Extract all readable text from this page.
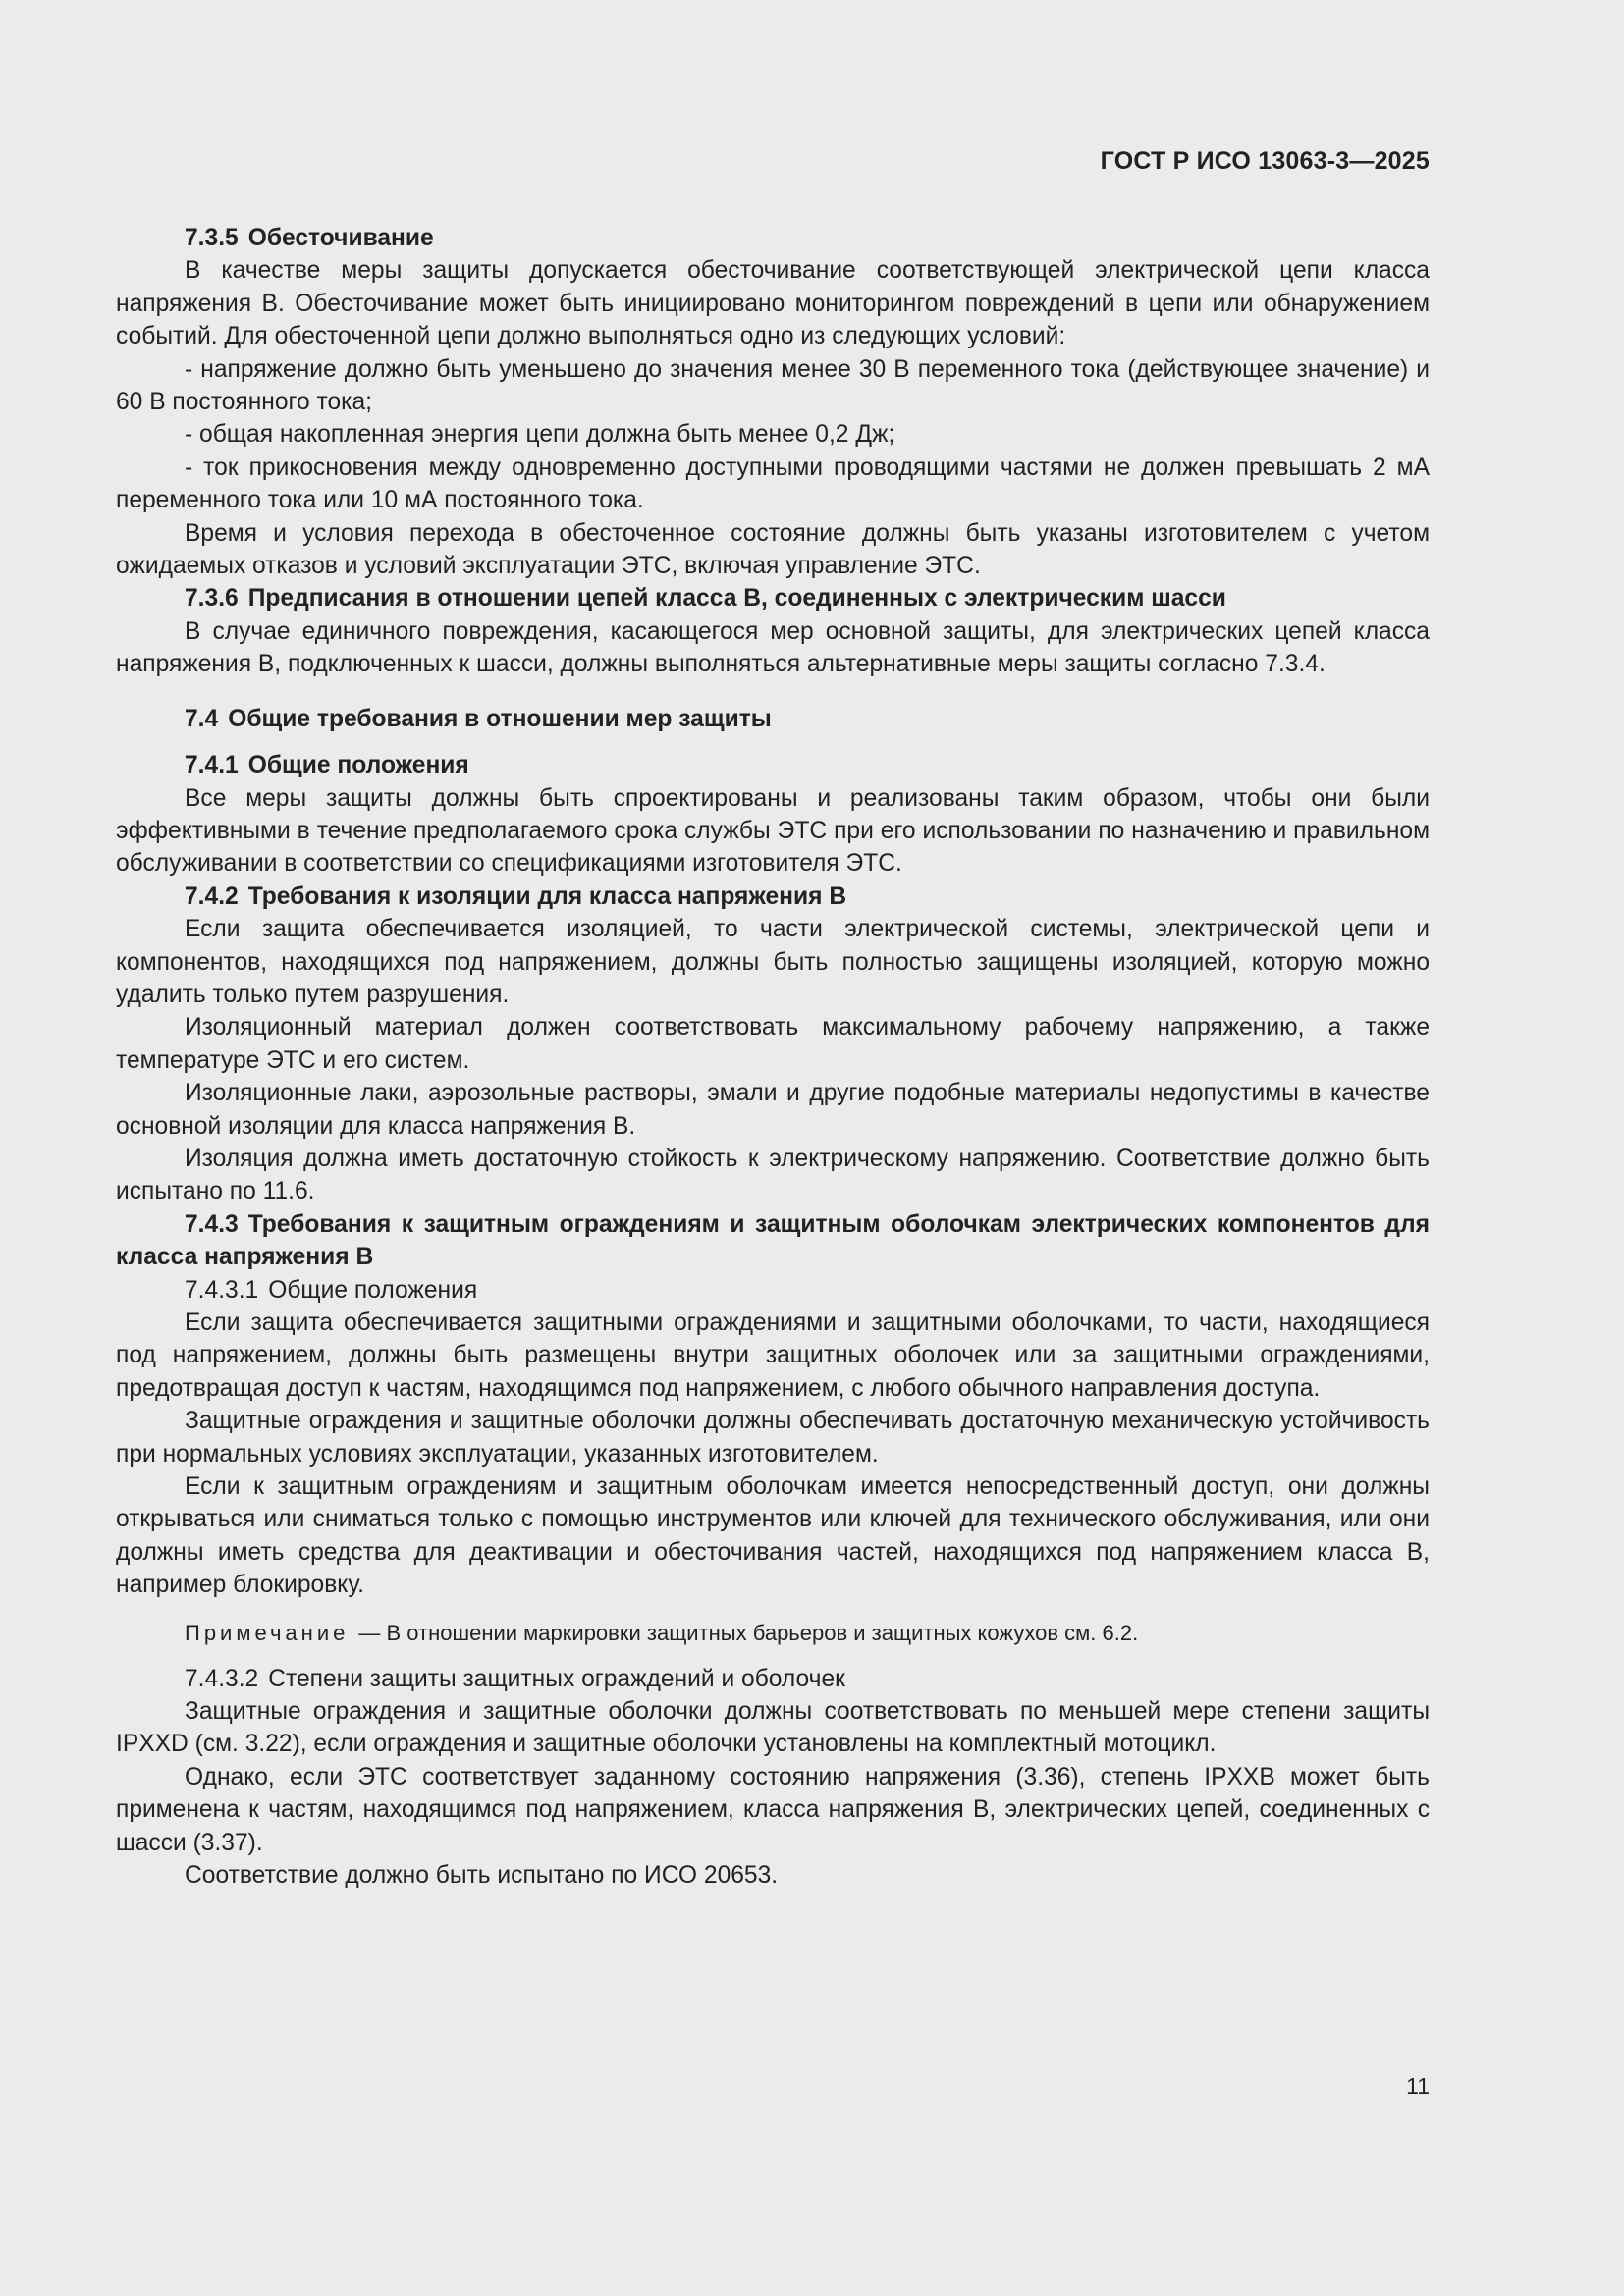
ГОСТ Р ИСО 13063-3—2025
7.3.5 Обесточивание

В качестве меры защиты допускается обесточивание соответствующей электрической цепи класса напряжения В. Обесточивание может быть инициировано мониторингом повреждений в цепи или обнаружением событий. Для обесточенной цепи должно выполняться одно из следующих условий:

- напряжение должно быть уменьшено до значения менее 30 В переменного тока (действующее значение) и 60 В постоянного тока;

- общая накопленная энергия цепи должна быть менее 0,2 Дж;

- ток прикосновения между одновременно доступными проводящими частями не должен превышать 2 мА переменного тока или 10 мА постоянного тока.

Время и условия перехода в обесточенное состояние должны быть указаны изготовителем с учетом ожидаемых отказов и условий эксплуатации ЭТС, включая управление ЭТС.

7.3.6 Предписания в отношении цепей класса В, соединенных с электрическим шасси

В случае единичного повреждения, касающегося мер основной защиты, для электрических цепей класса напряжения В, подключенных к шасси, должны выполняться альтернативные меры защиты согласно 7.3.4.

7.4 Общие требования в отношении мер защиты
7.4.1 Общие положения

Все меры защиты должны быть спроектированы и реализованы таким образом, чтобы они были эффективными в течение предполагаемого срока службы ЭТС при его использовании по назначению и правильном обслуживании в соответствии со спецификациями изготовителя ЭТС.

7.4.2 Требования к изоляции для класса напряжения В

Если защита обеспечивается изоляцией, то части электрической системы, электрической цепи и компонентов, находящихся под напряжением, должны быть полностью защищены изоляцией, которую можно удалить только путем разрушения.

Изоляционный материал должен соответствовать максимальному рабочему напряжению, а также температуре ЭТС и его систем.

Изоляционные лаки, аэрозольные растворы, эмали и другие подобные материалы недопустимы в качестве основной изоляции для класса напряжения В.

Изоляция должна иметь достаточную стойкость к электрическому напряжению. Соответствие должно быть испытано по 11.6.

7.4.3 Требования к защитным ограждениям и защитным оболочкам электрических компонентов для класса напряжения В
7.4.3.1 Общие положения

Если защита обеспечивается защитными ограждениями и защитными оболочками, то части, находящиеся под напряжением, должны быть размещены внутри защитных оболочек или за защитными ограждениями, предотвращая доступ к частям, находящимся под напряжением, с любого обычного направления доступа.

Защитные ограждения и защитные оболочки должны обеспечивать достаточную механическую устойчивость при нормальных условиях эксплуатации, указанных изготовителем.

Если к защитным ограждениям и защитным оболочкам имеется непосредственный доступ, они должны открываться или сниматься только с помощью инструментов или ключей для технического обслуживания, или они должны иметь средства для деактивации и обесточивания частей, находящихся под напряжением класса В, например блокировку.

Примечание — В отношении маркировки защитных барьеров и защитных кожухов см. 6.2.
7.4.3.2 Степени защиты защитных ограждений и оболочек

Защитные ограждения и защитные оболочки должны соответствовать по меньшей мере степени защиты IPXXD (см. 3.22), если ограждения и защитные оболочки установлены на комплектный мотоцикл.

Однако, если ЭТС соответствует заданному состоянию напряжения (3.36), степень IPXXB может быть применена к частям, находящимся под напряжением, класса напряжения В, электрических цепей, соединенных с шасси (3.37).

Соответствие должно быть испытано по ИСО 20653.

11
